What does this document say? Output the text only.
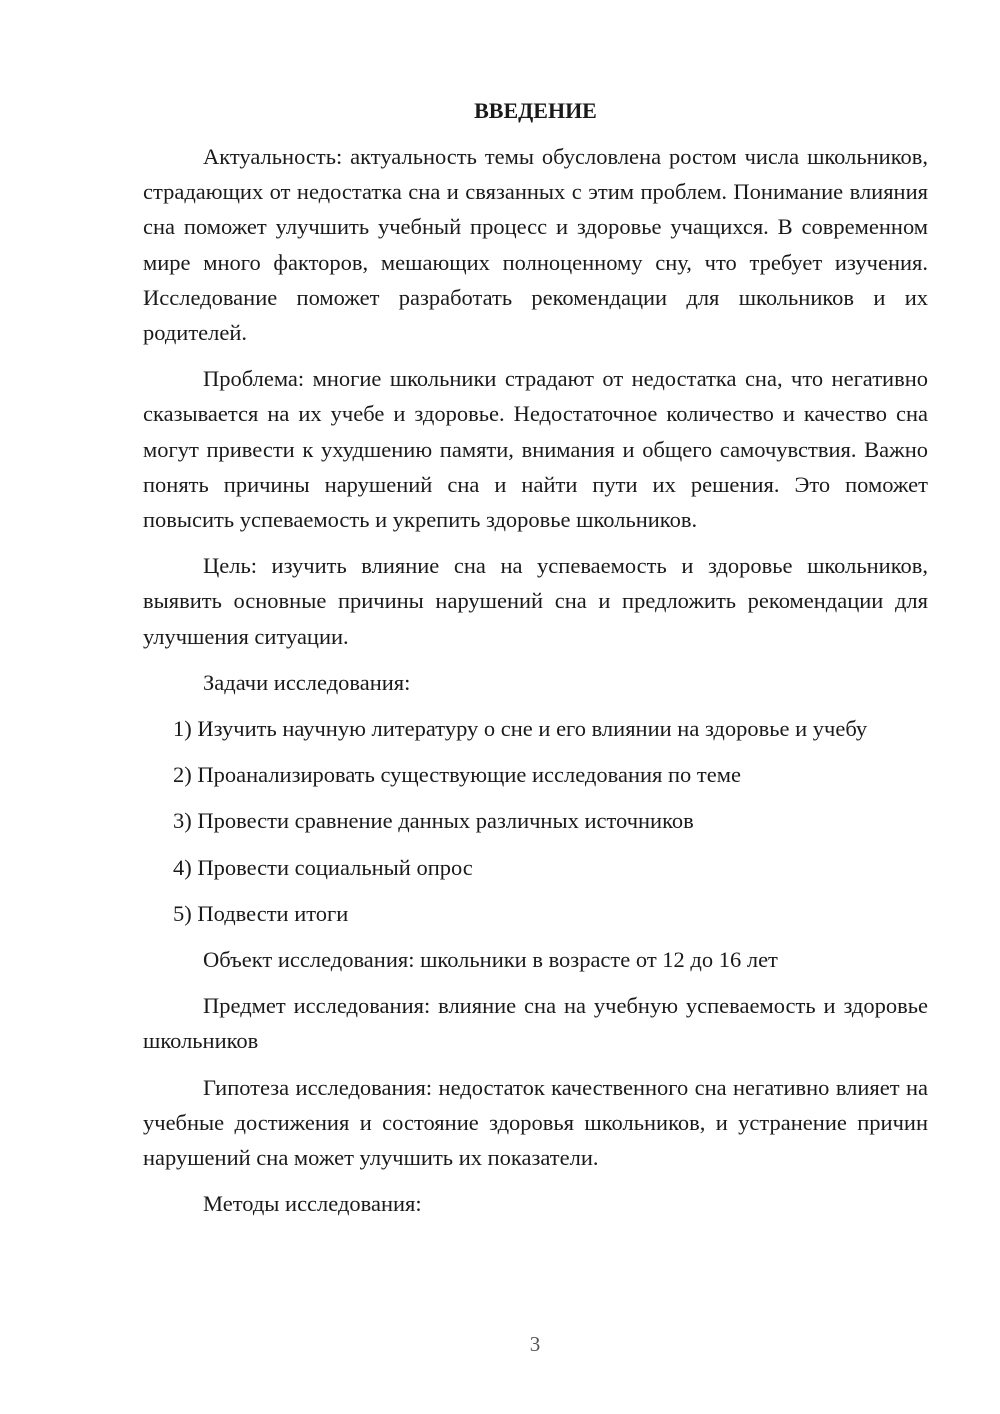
ВВЕДЕНИЕ
Актуальность: актуальность темы обусловлена ростом числа школьников, страдающих от недостатка сна и связанных с этим проблем. Понимание влияния сна поможет улучшить учебный процесс и здоровье учащихся. В современном мире много факторов, мешающих полноценному сну, что требует изучения. Исследование поможет разработать рекомендации для школьников и их родителей.
Проблема: многие школьники страдают от недостатка сна, что негативно сказывается на их учебе и здоровье. Недостаточное количество и качество сна могут привести к ухудшению памяти, внимания и общего самочувствия. Важно понять причины нарушений сна и найти пути их решения. Это поможет повысить успеваемость и укрепить здоровье школьников.
Цель: изучить влияние сна на успеваемость и здоровье школьников, выявить основные причины нарушений сна и предложить рекомендации для улучшения ситуации.
Задачи исследования:
1) Изучить научную литературу о сне и его влиянии на здоровье и учебу
2) Проанализировать существующие исследования по теме
3) Провести сравнение данных различных источников
4) Провести социальный опрос
5) Подвести итоги
Объект исследования: школьники в возрасте от 12 до 16 лет
Предмет исследования: влияние сна на учебную успеваемость и здоровье школьников
Гипотеза исследования: недостаток качественного сна негативно влияет на учебные достижения и состояние здоровья школьников, и устранение причин нарушений сна может улучшить их показатели.
Методы исследования:
3
